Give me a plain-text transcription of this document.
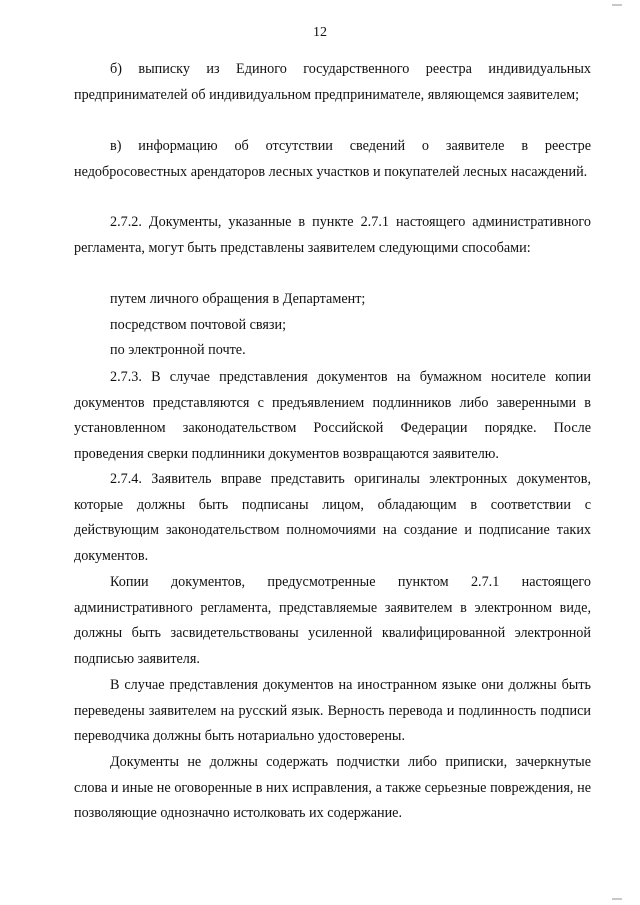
12

б) выписку из Единого государственного реестра индивидуальных предпринимателей об индивидуальном предпринимателе, являющемся заявителем;

в) информацию об отсутствии сведений о заявителе в реестре недобросовестных арендаторов лесных участков и покупателей лесных насаждений.

2.7.2. Документы, указанные в пункте 2.7.1 настоящего административного регламента, могут быть представлены заявителем следующими способами:

путем личного обращения в Департамент;

посредством почтовой связи;

по электронной почте.

2.7.3. В случае представления документов на бумажном носителе копии документов представляются с предъявлением подлинников либо заверенными в установленном законодательством Российской Федерации порядке. После проведения сверки подлинники документов возвращаются заявителю.

2.7.4. Заявитель вправе представить оригиналы электронных документов, которые должны быть подписаны лицом, обладающим в соответствии с действующим законодательством полномочиями на создание и подписание таких документов.

Копии документов, предусмотренные пунктом 2.7.1 настоящего административного регламента, представляемые заявителем в электронном виде, должны быть засвидетельствованы усиленной квалифицированной электронной подписью заявителя.

В случае представления документов на иностранном языке они должны быть переведены заявителем на русский язык. Верность перевода и подлинность подписи переводчика должны быть нотариально удостоверены.

Документы не должны содержать подчистки либо приписки, зачеркнутые слова и иные не оговоренные в них исправления, а также серьезные повреждения, не позволяющие однозначно истолковать их содержание.
